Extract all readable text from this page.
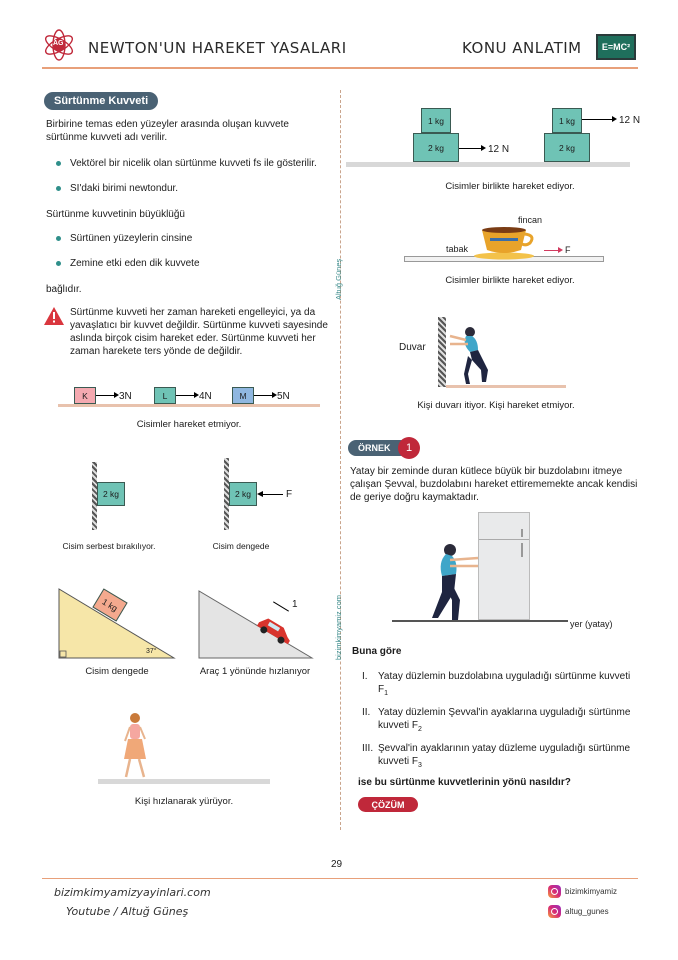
AG NEWTON'UN HAREKET YASALARI	KONU ANLATIM E=MC²
Altuğ Güneş
bizimkimyamiz.com
Sürtünme Kuvveti
Birbirine temas eden yüzeyler arasında oluşan kuvvete sürtünme kuvveti adı verilir.
Vektörel bir nicelik olan sürtünme kuvveti fs ile gösterilir.
SI'daki birimi newtondur.
Sürtünme kuvvetinin büyüklüğü
Sürtünen yüzeylerin cinsine
Zemine etki eden dik kuvvete
bağlıdır.
Sürtünme kuvveti her zaman hareketi engelleyici, ya da yavaşlatıcı bir kuvvet değildir. Sürtünme kuvveti sayesinde aslında birçok cisim hareket eder. Sürtünme kuvveti her zaman harekete ters yönde de değildir.
K	3N	L	4N	M	5N
Cisimler hareket etmiyor.
2 kg
Cisim serbest bırakılıyor.
2 kg	F
Cisim dengede
1 kg
37°
Cisim dengede
1
Araç 1 yönünde hızlanıyor
Kişi hızlanarak yürüyor.
1 kg
2 kg	12 N
1 kg	12 N
2 kg
Cisimler birlikte hareket ediyor.
fincan
tabak	F
Cisimler birlikte hareket ediyor.
Duvar
Kişi duvarı itiyor. Kişi hareket etmiyor.
ÖRNEK 1
Yatay bir zeminde duran kütlece büyük bir buzdolabını itmeye çalışan Şevval, buzdolabını hareket ettirememekte ancak kendisi de geriye doğru kaymaktadır.
yer (yatay)
Buna göre
I. Yatay düzlemin buzdolabına uyguladığı sürtünme kuvveti
$F_1$
II. Yatay düzlemin Şevval'in ayaklarına uyguladığı sürtünme kuvveti $F_2$
III. Şevval'in ayaklarının yatay düzleme uyguladığı sürtünme kuvveti $F_3$
ise bu sürtünme kuvvetlerinin yönü nasıldır?
ÇÖZÜM
29
bizimkimyamizyayinlari.com
Youtube / Altuğ Güneş
bizimkimyamiz
altug_gunes
